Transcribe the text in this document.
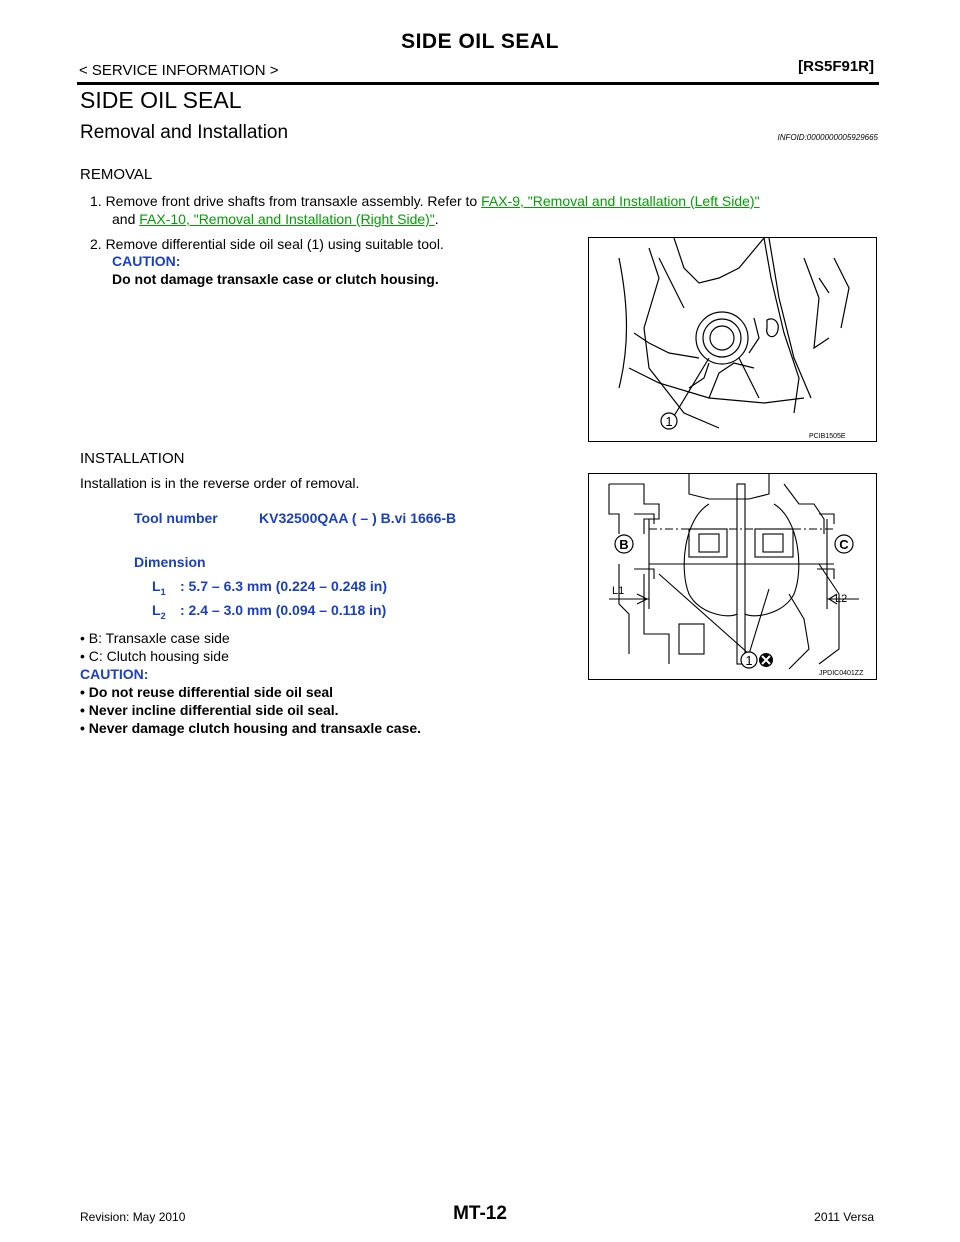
SIDE OIL SEAL
< SERVICE INFORMATION >	[RS5F91R]
SIDE OIL SEAL
Removal and Installation	INFOID:0000000005929665
REMOVAL
1. Remove front drive shafts from transaxle assembly. Refer to FAX-9, "Removal and Installation (Left Side)"
and FAX-10, "Removal and Installation (Right Side)".
2. Remove differential side oil seal (1) using suitable tool.
CAUTION:
Do not damage transaxle case or clutch housing.
1
PCIB1505E
INSTALLATION
Installation is in the reverse order of removal.
Tool number	KV32500QAA ( – ) B.vi 1666-B
Dimension
$L_1$ : 5.7 – 6.3 mm (0.224 – 0.248 in)
$L_2$ : 2.4 – 3.0 mm (0.094 – 0.118 in)
• B: Transaxle case side
• C: Clutch housing side
CAUTION:
• Do not reuse differential side oil seal
• Never incline differential side oil seal.
• Never damage clutch housing and transaxle case.
B	C
L1
L2
1
JPDIC0401ZZ
Revision: May 2010	MT-12	2011 Versa
